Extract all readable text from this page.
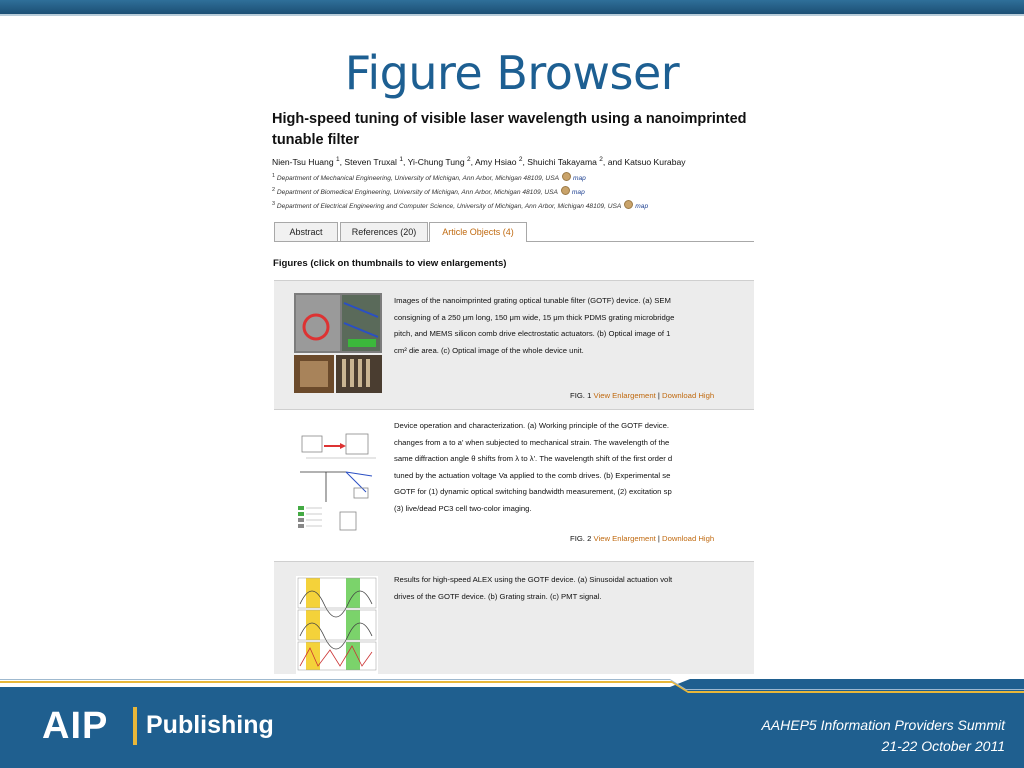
Figure Browser
High-speed tuning of visible laser wavelength using a nanoimprinted
tunable filter
Nien-Tsu Huang $^1$, Steven Truxal $^1$, Yi-Chung Tung $^2$, Amy Hsiao $^2$, Shuichi Takayama $^2$, and Katsuo Kurabay
$^1$ Department of Mechanical Engineering, University of Michigan, Ann Arbor, Michigan 48109, USA map
$^2$ Department of Biomedical Engineering, University of Michigan, Ann Arbor, Michigan 48109, USA map
$^3$ Department of Electrical Engineering and Computer Science, University of Michigan, Ann Arbor, Michigan 48109, USA map
Abstract	References (20)	Article Objects (4)
Figures (click on thumbnails to view enlargements)
Images of the nanoimprinted grating optical tunable filter (GOTF) device. (a) SEM
consigning of a 250 μm long, 150 μm wide, 15 μm thick PDMS grating microbridge
pitch, and MEMS silicon comb drive electrostatic actuators. (b) Optical image of 1
cm² die area. (c) Optical image of the whole device unit.
FIG. 1 View Enlargement | Download High
Device operation and characterization. (a) Working principle of the GOTF device.
changes from a to a' when subjected to mechanical strain. The wavelength of the
same diffraction angle θ shifts from λ to λ'. The wavelength shift of the first order d
tuned by the actuation voltage Va applied to the comb drives. (b) Experimental se
GOTF for (1) dynamic optical switching bandwidth measurement, (2) excitation sp
(3) live/dead PC3 cell two-color imaging.
FIG. 2 View Enlargement | Download High
Results for high-speed ALEX using the GOTF device. (a) Sinusoidal actuation volt
drives of the GOTF device. (b) Grating strain. (c) PMT signal.
AIP Publishing	AAHEP5 Information Providers Summit
21-22 October 2011
